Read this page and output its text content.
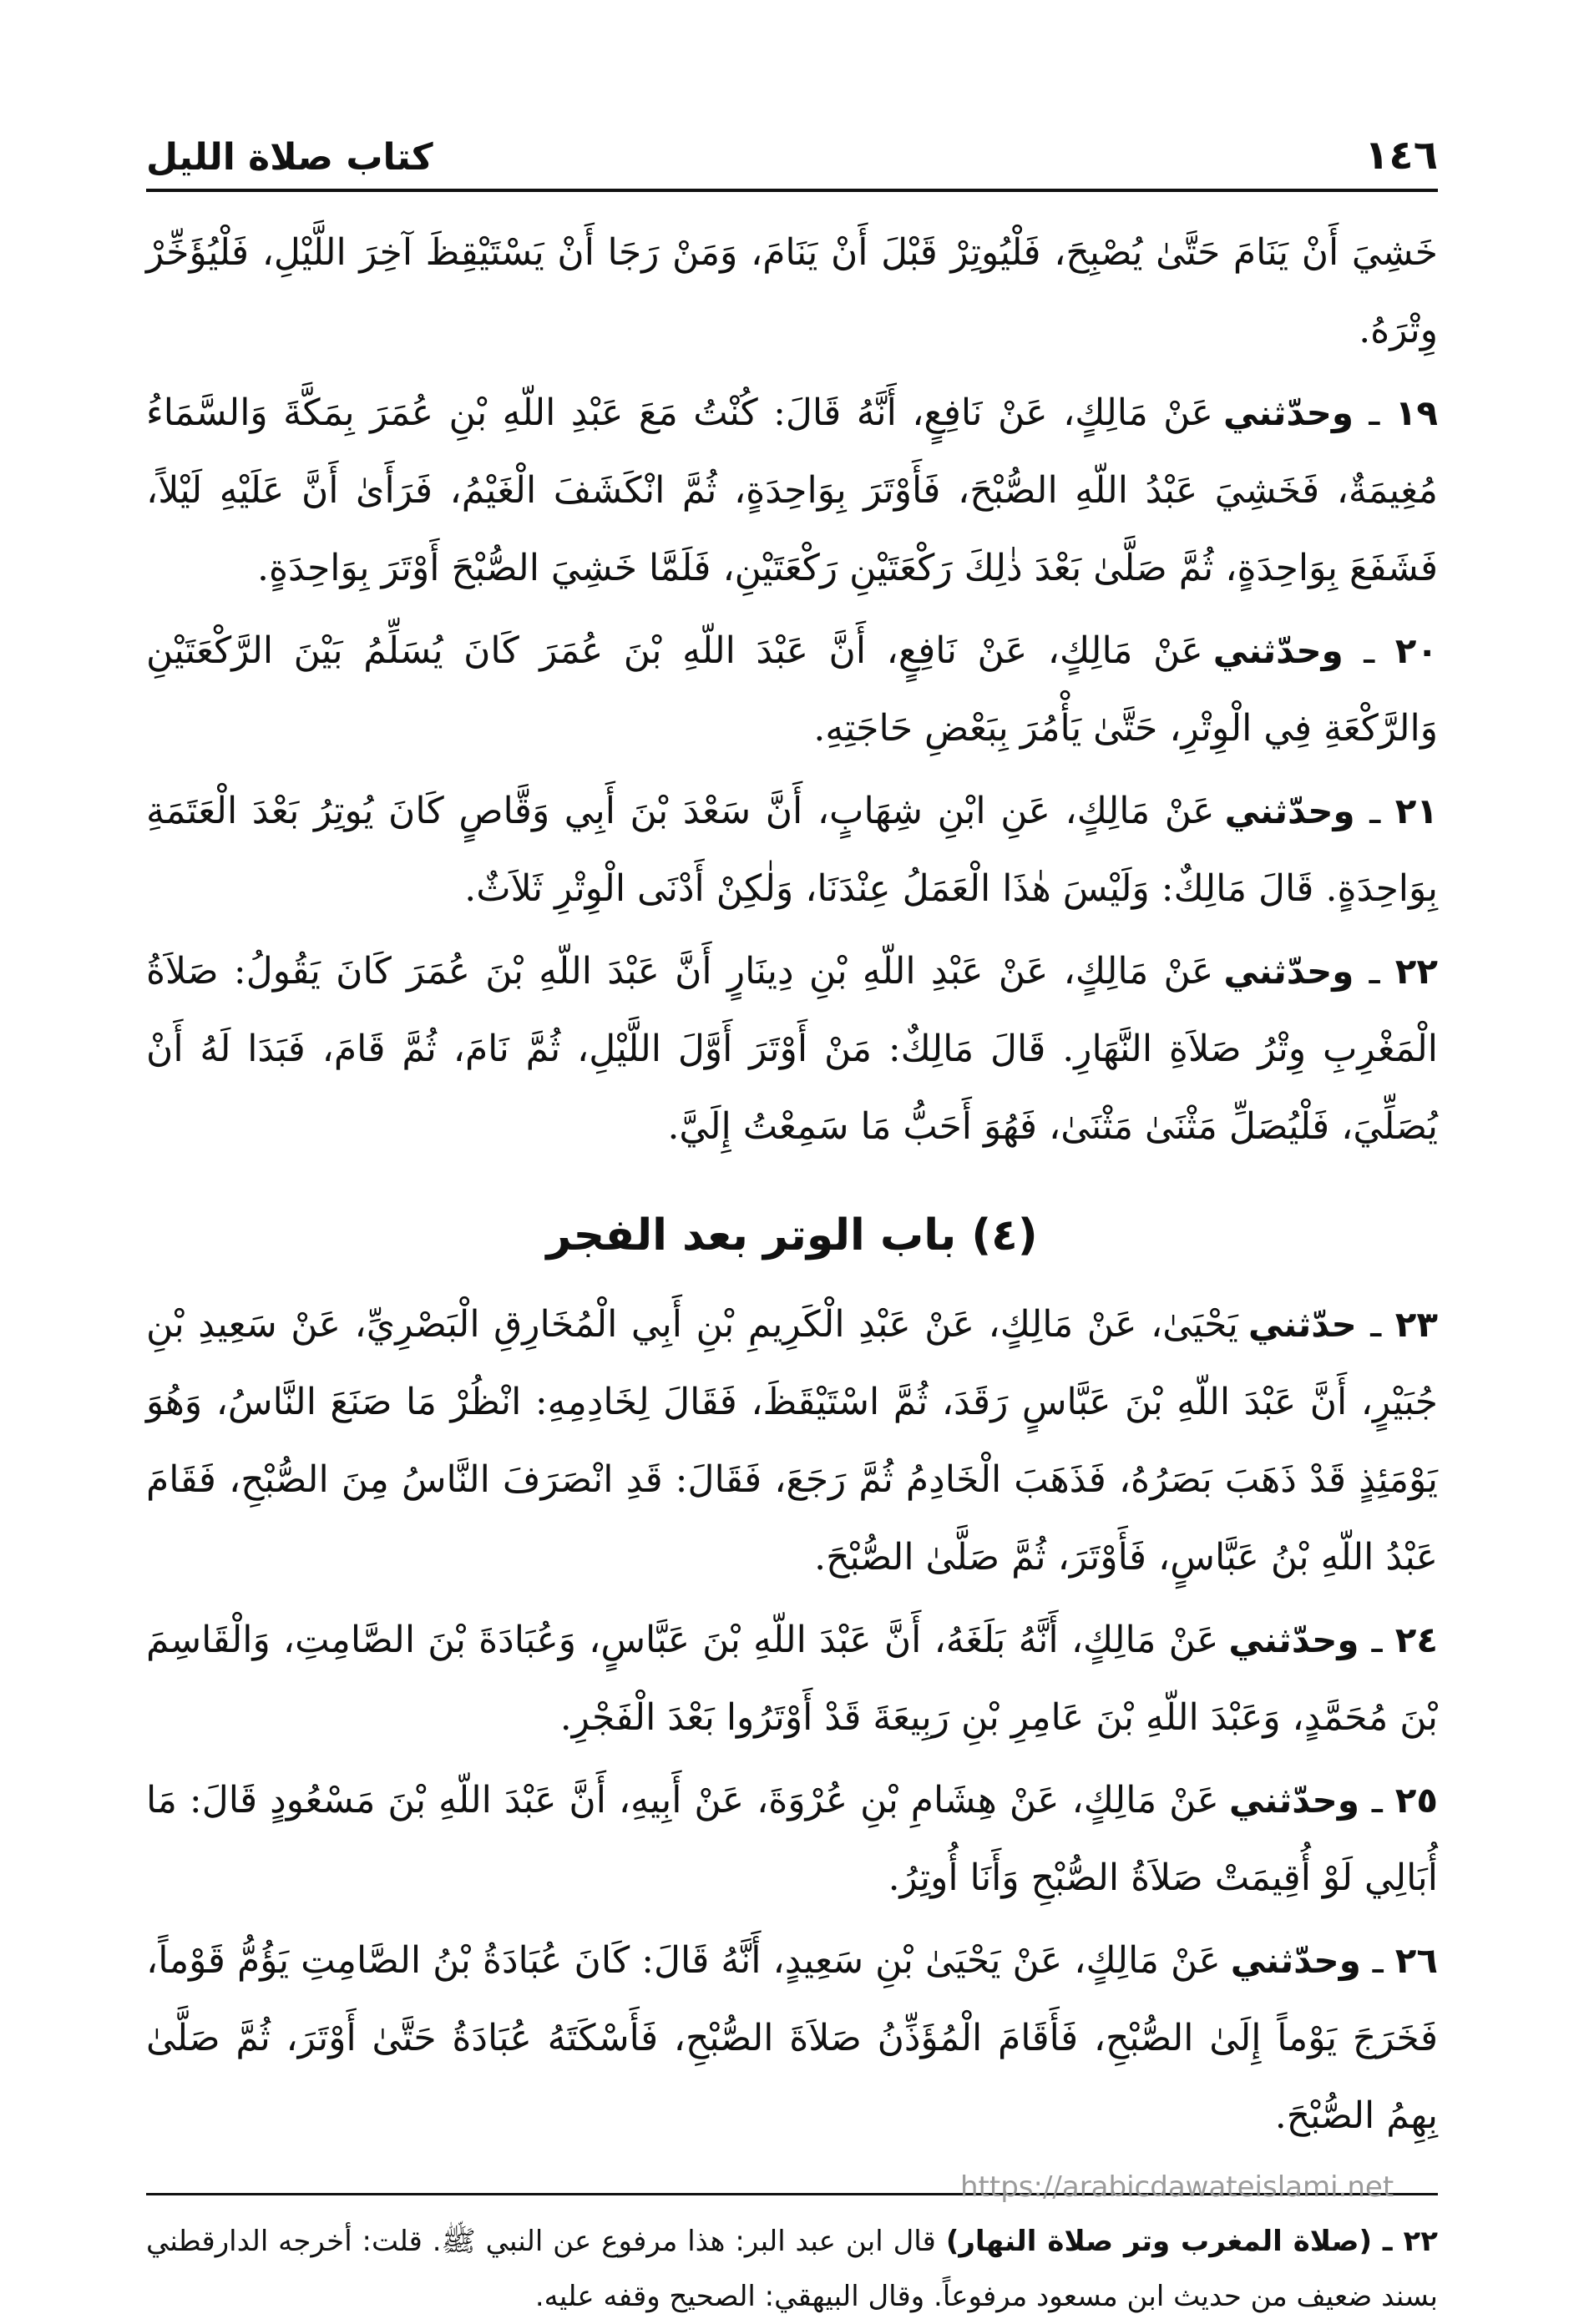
١٤٦
كتاب صلاة الليل

خَشِيَ أَنْ يَنَامَ حَتَّىٰ يُصْبِحَ، فَلْيُوتِرْ قَبْلَ أَنْ يَنَامَ، وَمَنْ رَجَا أَنْ يَسْتَيْقِظَ آخِرَ اللَّيْلِ، فَلْيُؤَخِّرْ وِتْرَهُ.

١٩ ـ وحدّثنيعَنْ مَالِكٍ، عَنْ نَافِعٍ، أَنَّهُ قَالَ: كُنْتُ مَعَ عَبْدِ اللّهِ بْنِ عُمَرَ بِمَكَّةَ وَالسَّمَاءُ مُغِيمَةٌ، فَخَشِيَ عَبْدُ اللّهِ الصُّبْحَ، فَأَوْتَرَ بِوَاحِدَةٍ، ثُمَّ انْكَشَفَ الْغَيْمُ، فَرَأَىٰ أَنَّ عَلَيْهِ لَيْلاً، فَشَفَعَ بِوَاحِدَةٍ، ثُمَّ صَلَّىٰ بَعْدَ ذٰلِكَ رَكْعَتَيْنِ رَكْعَتَيْنِ، فَلَمَّا خَشِيَ الصُّبْحَ أَوْتَرَ بِوَاحِدَةٍ.

٢٠ ـ وحدّثنيعَنْ مَالِكٍ، عَنْ نَافِعٍ، أَنَّ عَبْدَ اللّهِ بْنَ عُمَرَ كَانَ يُسَلِّمُ بَيْنَ الرَّكْعَتَيْنِ وَالرَّكْعَةِ فِي الْوِتْرِ، حَتَّىٰ يَأْمُرَ بِبَعْضِ حَاجَتِهِ.

٢١ ـ وحدّثنيعَنْ مَالِكٍ، عَنِ ابْنِ شِهَابٍ، أَنَّ سَعْدَ بْنَ أَبِي وَقَّاصٍ كَانَ يُوتِرُ بَعْدَ الْعَتَمَةِ بِوَاحِدَةٍ. قَالَ مَالِكٌ: وَلَيْسَ هٰذَا الْعَمَلُ عِنْدَنَا، وَلٰكِنْ أَدْنَى الْوِتْرِ ثَلاَثٌ.

٢٢ ـ وحدّثنيعَنْ مَالِكٍ، عَنْ عَبْدِ اللّهِ بْنِ دِينَارٍ أَنَّ عَبْدَ اللّهِ بْنَ عُمَرَ كَانَ يَقُولُ: صَلاَةُ الْمَغْرِبِ وِتْرُ صَلاَةِ النَّهَارِ. قَالَ مَالِكٌ: مَنْ أَوْتَرَ أَوَّلَ اللَّيْلِ، ثُمَّ نَامَ، ثُمَّ قَامَ، فَبَدَا لَهُ أَنْ يُصَلِّيَ، فَلْيُصَلِّ مَثْنَىٰ مَثْنَىٰ، فَهُوَ أَحَبُّ مَا سَمِعْتُ إِلَيَّ.

(٤) باب الوتر بعد الفجر

٢٣ ـ حدّثنييَحْيَىٰ، عَنْ مَالِكٍ، عَنْ عَبْدِ الْكَرِيمِ بْنِ أَبِي الْمُخَارِقِ الْبَصْرِيِّ، عَنْ سَعِيدِ بْنِ جُبَيْرٍ، أَنَّ عَبْدَ اللّهِ بْنَ عَبَّاسٍ رَقَدَ، ثُمَّ اسْتَيْقَظَ، فَقَالَ لِخَادِمِهِ: انْظُرْ مَا صَنَعَ النَّاسُ، وَهُوَ يَوْمَئِذٍ قَدْ ذَهَبَ بَصَرُهُ، فَذَهَبَ الْخَادِمُ ثُمَّ رَجَعَ، فَقَالَ: قَدِ انْصَرَفَ النَّاسُ مِنَ الصُّبْحِ، فَقَامَ عَبْدُ اللّهِ بْنُ عَبَّاسٍ، فَأَوْتَرَ، ثُمَّ صَلَّىٰ الصُّبْحَ.

٢٤ ـ وحدّثنيعَنْ مَالِكٍ، أَنَّهُ بَلَغَهُ، أَنَّ عَبْدَ اللّهِ بْنَ عَبَّاسٍ، وَعُبَادَةَ بْنَ الصَّامِتِ، وَالْقَاسِمَ بْنَ مُحَمَّدٍ، وَعَبْدَ اللّهِ بْنَ عَامِرِ بْنِ رَبِيعَةَ قَدْ أَوْتَرُوا بَعْدَ الْفَجْرِ.

٢٥ ـ وحدّثنيعَنْ مَالِكٍ، عَنْ هِشَامِ بْنِ عُرْوَةَ، عَنْ أَبِيهِ، أَنَّ عَبْدَ اللّهِ بْنَ مَسْعُودٍ قَالَ: مَا أُبَالِي لَوْ أُقِيمَتْ صَلاَةُ الصُّبْحِ وَأَنَا أُوتِرُ.

٢٦ ـ وحدّثنيعَنْ مَالِكٍ، عَنْ يَحْيَىٰ بْنِ سَعِيدٍ، أَنَّهُ قَالَ: كَانَ عُبَادَةُ بْنُ الصَّامِتِ يَؤُمُّ قَوْماً، فَخَرَجَ يَوْماً إِلَىٰ الصُّبْحِ، فَأَقَامَ الْمُؤَذِّنُ صَلاَةَ الصُّبْحِ، فَأَسْكَتَهُ عُبَادَةُ حَتَّىٰ أَوْتَرَ، ثُمَّ صَلَّىٰ بِهِمُ الصُّبْحَ.

٢٢ ـ (صلاة المغرب وتر صلاة النهار) قال ابن عبد البر: هذا مرفوع عن النبي ﷺ. قلت: أخرجه الدارقطني بسند ضعيف من حديث ابن مسعود مرفوعاً. وقال البيهقي: الصحيح وقفه عليه.

https://arabicdawateislami.net
